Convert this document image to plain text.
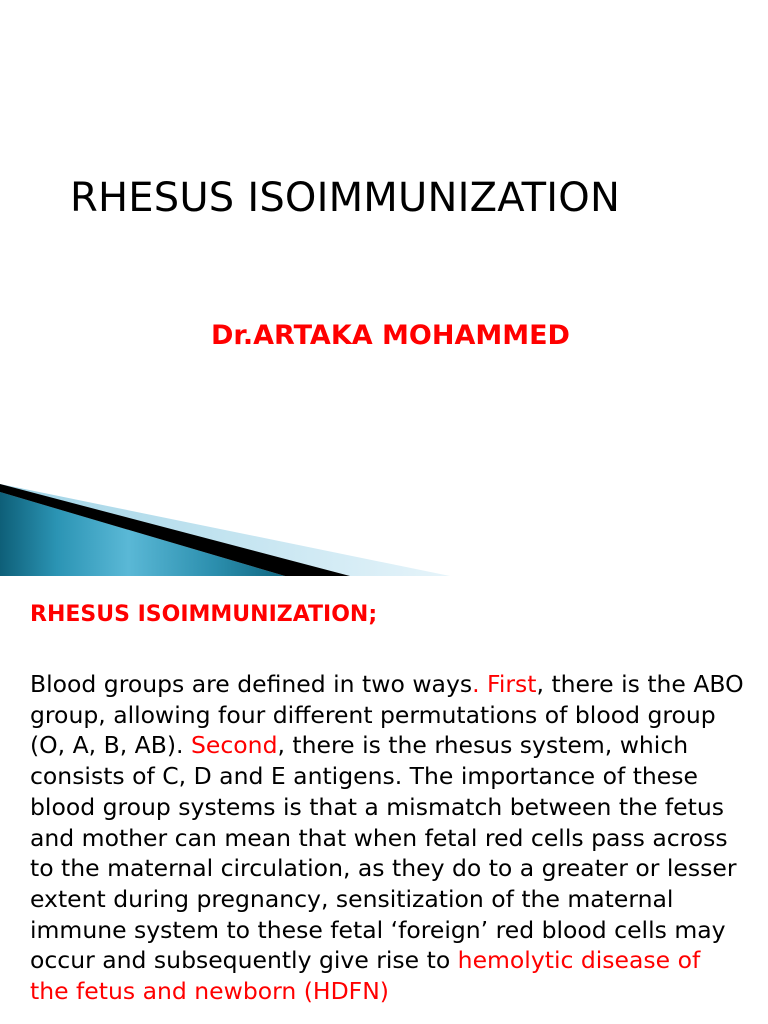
RHESUS ISOIMMUNIZATION
Dr.ARTAKA MOHAMMED
RHESUS ISOIMMUNIZATION;

Blood groups are defined in two ways. First, there is the ABO group, allowing four different permutations of blood group (O, A, B, AB). Second, there is the rhesus system, which consists of C, D and E antigens. The importance of these blood group systems is that a mismatch between the fetus and mother can mean that when fetal red cells pass across to the maternal circulation, as they do to a greater or lesser extent during pregnancy, sensitization of the maternal immune system to these fetal ‘foreign’ red blood cells may occur and subsequently give rise to hemolytic disease of the fetus and newborn (HDFN)
